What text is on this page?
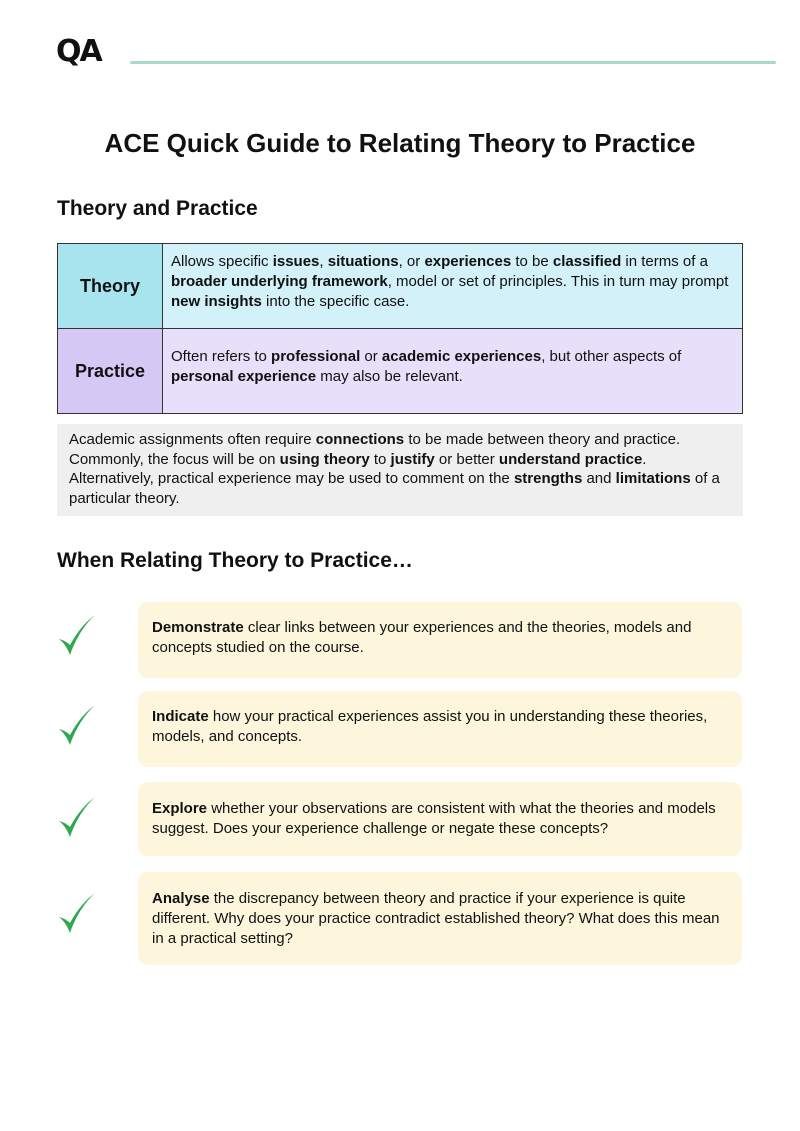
QA
ACE Quick Guide to Relating Theory to Practice
Theory and Practice
Theory	Allows specific issues, situations, or experiences to be classified in terms of a broader underlying framework, model or set of principles. This in turn may prompt new insights into the specific case.
Practice	Often refers to professional or academic experiences, but other aspects of personal experience may also be relevant.
Academic assignments often require connections to be made between theory and practice. Commonly, the focus will be on using theory to justify or better understand practice. Alternatively, practical experience may be used to comment on the strengths and limitations of a particular theory.
When Relating Theory to Practice…
Demonstrate clear links between your experiences and the theories, models and concepts studied on the course.
Indicate how your practical experiences assist you in understanding these theories, models, and concepts.
Explore whether your observations are consistent with what the theories and models suggest. Does your experience challenge or negate these concepts?
Analyse the discrepancy between theory and practice if your experience is quite different. Why does your practice contradict established theory? What does this mean in a practical setting?
